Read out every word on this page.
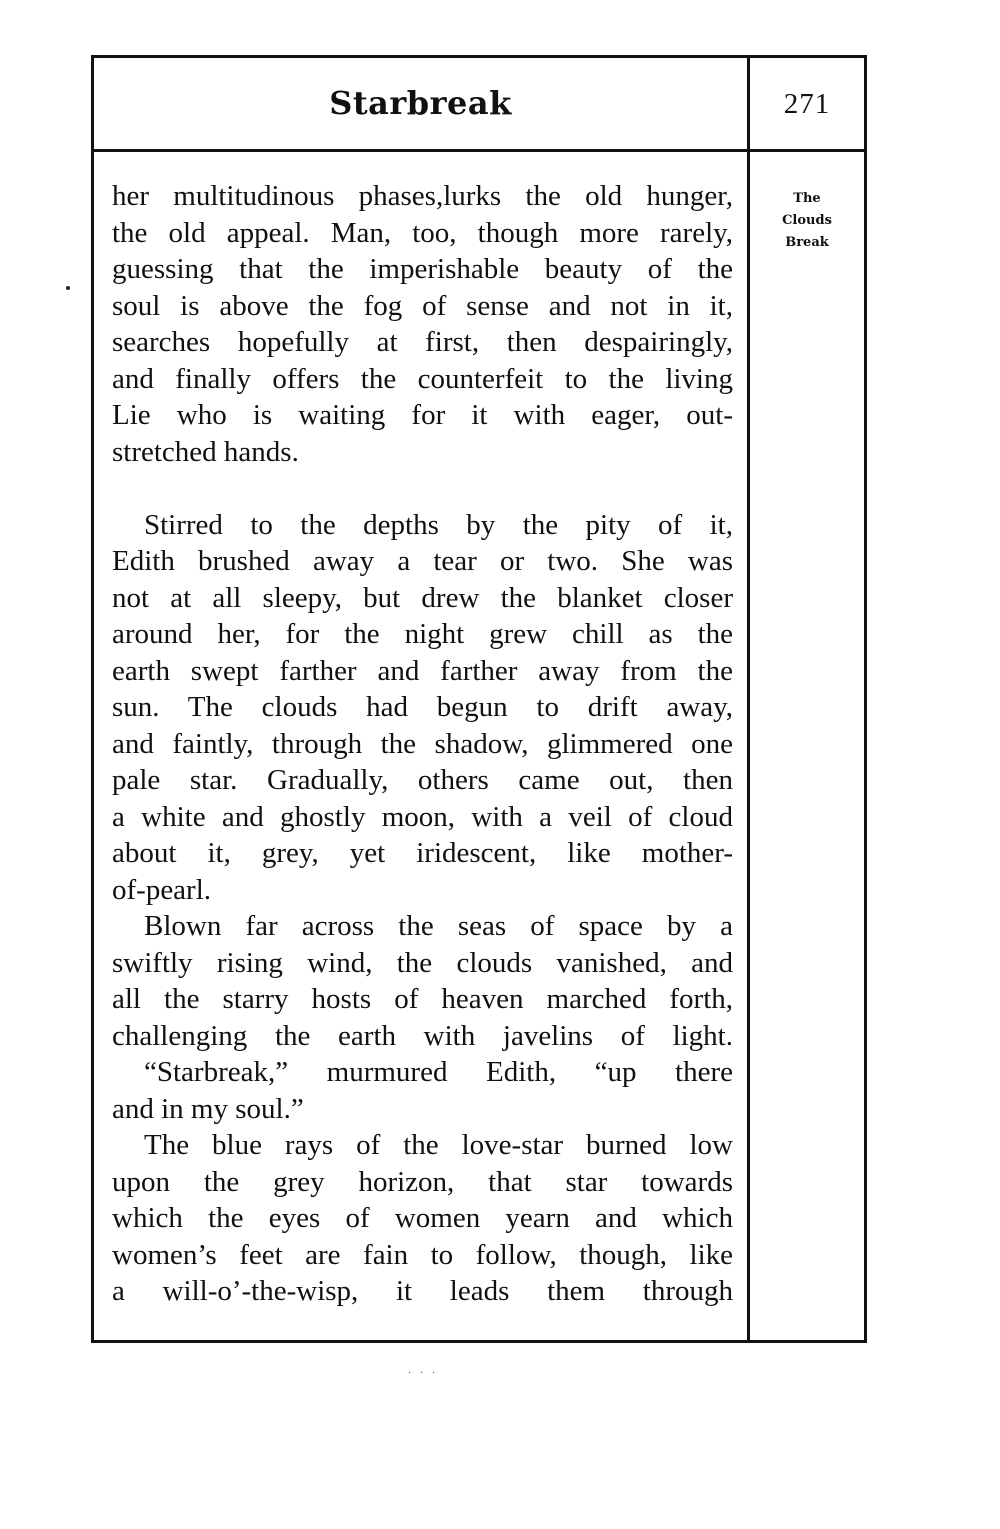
Starbreak	271
The
Clouds
Break
her multitudinous phases,lurks the old hunger,
the old appeal. Man, too, though more rarely,
guessing that the imperishable beauty of the
soul is above the fog of sense and not in it,
searches hopefully at first, then despairingly,
and finally offers the counterfeit to the living
Lie who is waiting for it with eager, out-
stretched hands.
Stirred to the depths by the pity of it,
Edith brushed away a tear or two. She was
not at all sleepy, but drew the blanket closer
around her, for the night grew chill as the
earth swept farther and farther away from the
sun. The clouds had begun to drift away,
and faintly, through the shadow, glimmered one
pale star. Gradually, others came out, then
a white and ghostly moon, with a veil of cloud
about it, grey, yet iridescent, like mother-
of-pearl.
Blown far across the seas of space by a
swiftly rising wind, the clouds vanished, and
all the starry hosts of heaven marched forth,
challenging the earth with javelins of light.
“Starbreak,” murmured Edith, “up there
and in my soul.”
The blue rays of the love-star burned low
upon the grey horizon, that star towards
which the eyes of women yearn and which
women’s feet are fain to follow, though, like
a will-o’-the-wisp, it leads them through
. . .
